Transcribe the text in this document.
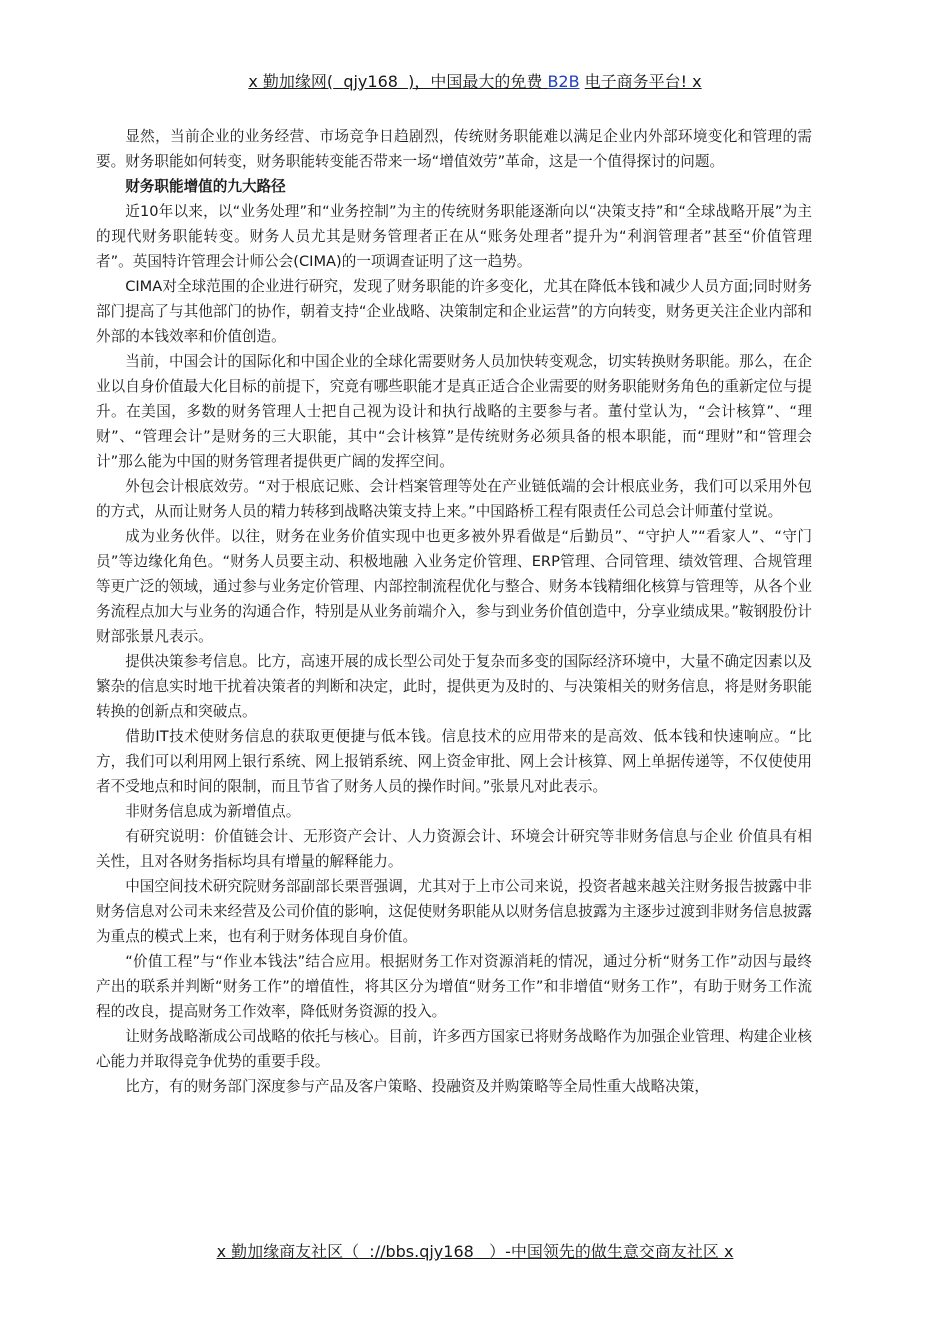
x 勤加缘网( qjy168 )，中国最大的免费 B2B 电子商务平台! x

显然，当前企业的业务经营、市场竞争日趋剧烈，传统财务职能难以满足企业内外部环境变化和管理的需要。财务职能如何转变，财务职能转变能否带来一场“增值效劳”革命，这是一个值得探讨的问题。

财务职能增值的九大路径

近10年以来，以“业务处理”和“业务控制”为主的传统财务职能逐渐向以“决策支持”和“全球战略开展”为主的现代财务职能转变。财务人员尤其是财务管理者正在从“账务处理者”提升为“利润管理者”甚至“价值管理者”。英国特许管理会计师公会(CIMA)的一项调查证明了这一趋势。

CIMA对全球范围的企业进行研究，发现了财务职能的许多变化，尤其在降低本钱和减少人员方面;同时财务部门提高了与其他部门的协作，朝着支持“企业战略、决策制定和企业运营”的方向转变，财务更关注企业内部和外部的本钱效率和价值创造。

当前，中国会计的国际化和中国企业的全球化需要财务人员加快转变观念，切实转换财务职能。那么，在企业以自身价值最大化目标的前提下，究竟有哪些职能才是真正适合企业需要的财务职能财务角色的重新定位与提升。在美国，多数的财务管理人士把自己视为设计和执行战略的主要参与者。董付堂认为，“会计核算”、“理财”、“管理会计”是财务的三大职能，其中“会计核算”是传统财务必须具备的根本职能，而“理财”和“管理会计”那么能为中国的财务管理者提供更广阔的发挥空间。

外包会计根底效劳。“对于根底记账、会计档案管理等处在产业链低端的会计根底业务，我们可以采用外包的方式，从而让财务人员的精力转移到战略决策支持上来。”中国路桥工程有限责任公司总会计师董付堂说。

成为业务伙伴。以往，财务在业务价值实现中也更多被外界看做是“后勤员”、“守护人”“看家人”、“守门员”等边缘化角色。“财务人员要主动、积极地融 入业务定价管理、ERP管理、合同管理、绩效管理、合规管理等更广泛的领域，通过参与业务定价管理、内部控制流程优化与整合、财务本钱精细化核算与管理等，从各个业务流程点加大与业务的沟通合作，特别是从业务前端介入，参与到业务价值创造中，分享业绩成果。”鞍钢股份计财部张景凡表示。

提供决策参考信息。比方，高速开展的成长型公司处于复杂而多变的国际经济环境中，大量不确定因素以及繁杂的信息实时地干扰着决策者的判断和决定，此时，提供更为及时的、与决策相关的财务信息，将是财务职能转换的创新点和突破点。

借助IT技术使财务信息的获取更便捷与低本钱。信息技术的应用带来的是高效、低本钱和快速响应。“比方，我们可以利用网上银行系统、网上报销系统、网上资金审批、网上会计核算、网上单据传递等，不仅使使用者不受地点和时间的限制，而且节省了财务人员的操作时间。”张景凡对此表示。

非财务信息成为新增值点。

有研究说明：价值链会计、无形资产会计、人力资源会计、环境会计研究等非财务信息与企业 价值具有相关性，且对各财务指标均具有增量的解释能力。

中国空间技术研究院财务部副部长栗晋强调，尤其对于上市公司来说，投资者越来越关注财务报告披露中非财务信息对公司未来经营及公司价值的影响，这促使财务职能从以财务信息披露为主逐步过渡到非财务信息披露为重点的模式上来，也有利于财务体现自身价值。

“价值工程”与“作业本钱法”结合应用。根据财务工作对资源消耗的情况，通过分析“财务工作”动因与最终产出的联系并判断“财务工作”的增值性，将其区分为增值“财务工作”和非增值“财务工作”，有助于财务工作流程的改良，提高财务工作效率，降低财务资源的投入。

让财务战略渐成公司战略的依托与核心。目前，许多西方国家已将财务战略作为加强企业管理、构建企业核心能力并取得竞争优势的重要手段。

比方，有的财务部门深度参与产品及客户策略、投融资及并购策略等全局性重大战略决策，

x 勤加缘商友社区（ ://bbs.qjy168 ）-中国领先的做生意交商友社区 x
